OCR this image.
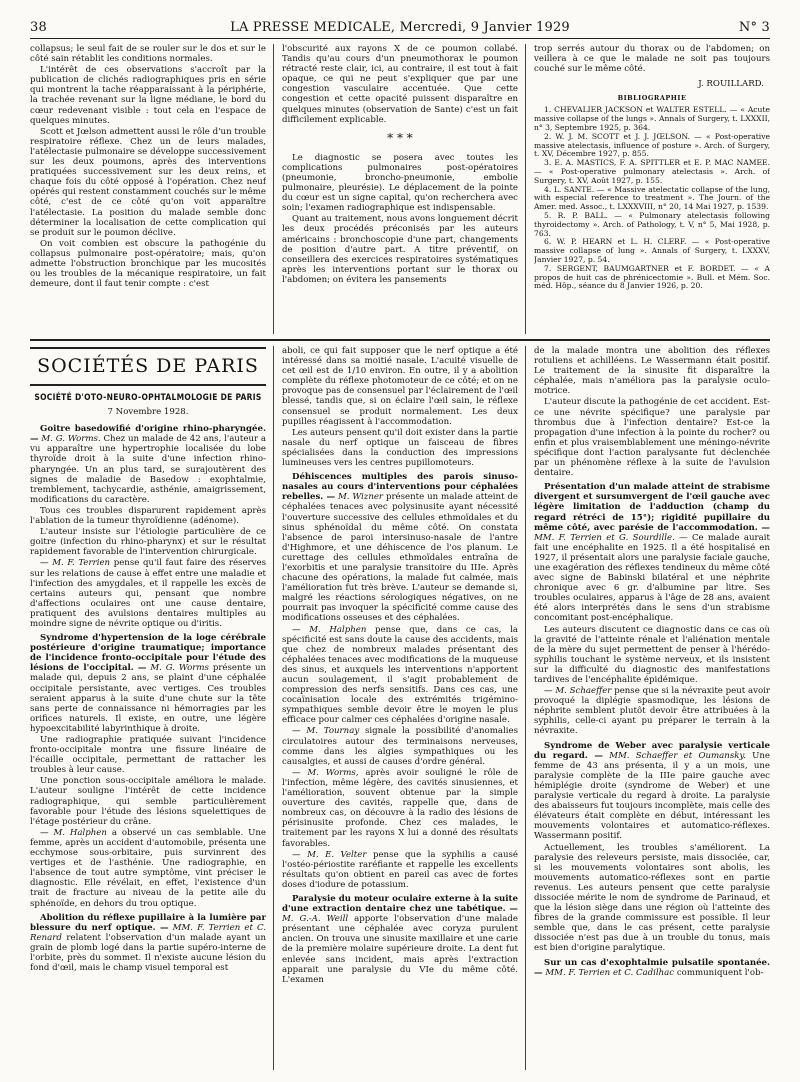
38	LA PRESSE MEDICALE, Mercredi, 9 Janvier 1929	N° 3

collapsus; le seul fait de se rouler sur le dos et sur le côté sain rétablit les conditions normales.

L'intérêt de ces observations s'accroît par la publication de clichés radiographiques pris en série qui montrent la tache réapparaissant à la périphérie, la trachée revenant sur la ligne médiane, le bord du cœur redevenant visible : tout cela en l'espace de quelques minutes.

Scott et Jœlson admettent aussi le rôle d'un trouble respiratoire réflexe. Chez un de leurs malades, l'atélectasie pulmonaire se développe successivement sur les deux poumons, après des interventions pratiquées successivement sur les deux reins, et chaque fois du côté opposé à l'opération. Chez neuf opérés qui restent constamment couchés sur le même côté, c'est de ce côté qu'on voit apparaître l'atélectasie. La position du malade semble donc déterminer la localisation de cette complication qui se produit sur le poumon déclive.

On voit combien est obscure la pathogénie du collapsus pulmonaire post-opératoire; mais, qu'on admette l'obstruction bronchique par les mucosités ou les troubles de la mécanique respiratoire, un fait demeure, dont il faut tenir compte : c'est

l'obscurité aux rayons X de ce poumon collabé. Tandis qu'au cours d'un pneumothorax le poumon rétracté reste clair, ici, au contraire, il est tout à fait opaque, ce qui ne peut s'expliquer que par une congestion vasculaire accentuée. Que cette congestion et cette opacité puissent disparaître en quelques minutes (observation de Sante) c'est un fait difficilement explicable.

* * *

Le diagnostic se posera avec toutes les complications pulmonaires post-opératoires (pneumonie, broncho-pneumonie, embolie pulmonaire, pleurésie). Le déplacement de la pointe du cœur est un signe capital, qu'on recherchera avec soin; l'examen radiographique est indispensable.

Quant au traitement, nous avons longuement décrit les deux procédés préconisés par les auteurs américains : bronchoscopie d'une part, changements de position d'autre part. A titre préventif, on conseillera des exercices respiratoires systématiques après les interventions portant sur le thorax ou l'abdomen; on évitera les pansements

trop serrés autour du thorax ou de l'abdomen; on veillera à ce que le malade ne soit pas toujours couché sur le même côté.

J. ROUILLARD.

BIBLIOGRAPHIE

1. CHEVALIER JACKSON et WALTER ESTELL. — « Acute massive collapse of the lungs ». Annals of Surgery, t. LXXXII, n° 3, Septembre 1925, p. 364.

2. W. J. M. SCOTT et J. J. JŒLSON. — « Post-operative massive atelectasis, influence of posture ». Arch. of Surgery, t. XV, Décembre 1927, p. 855.

3. E. A. MASTICS, F. A. SPITTLER et E. P. MAC NAMEE. — « Post-operative pulmonary atelectasis ». Arch. of Surgery, t. XV, Août 1927, p. 155.

4. L. SANTE. — « Massive atelectatic collapse of the lung, with especial reference to treatment ». The Journ. of the Amer. med. Assoc., t. LXXXVIII, n° 20, 14 Mai 1927, p. 1539.

5. R. P. BALL. — « Pulmonary atelectasis following thyroidectomy ». Arch. of Pathology, t. V, n° 5, Mai 1928, p. 763.

6. W. P. HEARN et L. H. CLERF. — « Post-operative massive collapse of lung ». Annals of Surgery, t. LXXXV, Janvier 1927, p. 54.

7. SERGENT, BAUMGARTNER et F. BORDET. — « A propos de huit cas de phrénicectomie ». Bull. et Mém. Soc. méd. Hôp., séance du 8 Janvier 1926, p. 20.

SOCIÉTÉS DE PARIS
SOCIÉTÉ D'OTO-NEURO-OPHTALMOLOGIE DE PARIS
7 Novembre 1928.

Goitre basedowifié d'origine rhino-pharyngée. — M. G. Worms. Chez un malade de 42 ans, l'auteur a vu apparaître une hypertrophie localisée du lobe thyroïde droit à la suite d'une infection rhino-pharyngée. Un an plus tard, se surajoutèrent des signes de maladie de Basedow : exophtalmie, tremblement, tachycardie, asthénie, amaigrissement, modifications du caractère.

Tous ces troubles disparurent rapidement après l'ablation de la tumeur thyroïdienne (adénome).

L'auteur insiste sur l'étiologie particulière de ce goitre (infection du rhino-pharynx) et sur le résultat rapidement favorable de l'intervention chirurgicale.

— M. F. Terrien pense qu'il faut faire des réserves sur les relations de cause à effet entre une maladie et l'infection des amygdales, et il rappelle les excès de certains auteurs qui, pensant que nombre d'affections oculaires ont une cause dentaire, pratiquent des avulsions dentaires multiples au moindre signe de névrite optique ou d'iritis.

Syndrome d'hypertension de la loge cérébrale postérieure d'origine traumatique; importance de l'incidence fronto-occipitale pour l'étude des lésions de l'occipital. — M. G. Worms présente un malade qui, depuis 2 ans, se plaint d'une céphalée occipitale persistante, avec vertiges. Ces troubles seraient apparus à la suite d'une chute sur la tête sans perte de connaissance ni hémorragies par les orifices naturels. Il existe, en outre, une légère hypoexcitabilité labyrinthique à droite.

Une radiographie pratiquée suivant l'incidence fronto-occipitale montra une fissure linéaire de l'écaille occipitale, permettant de rattacher les troubles à leur cause.

Une ponction sous-occipitale améliora le malade. L'auteur souligne l'intérêt de cette incidence radiographique, qui semble particulièrement favorable pour l'étude des lésions squelettiques de l'étage postérieur du crâne.

— M. Halphen a observé un cas semblable. Une femme, après un accident d'automobile, présenta une ecchymose sous-orbitaire, puis survinrent des vertiges et de l'asthénie. Une radiographie, en l'absence de tout autre symptôme, vint préciser le diagnostic. Elle révélait, en effet, l'existence d'un trait de fracture au niveau de la petite aile du sphénoïde, en dehors du trou optique.

Abolition du réflexe pupillaire à la lumière par blessure du nerf optique. — MM. F. Terrien et C. Renard relatent l'observation d'un malade ayant un grain de plomb logé dans la partie supéro-interne de l'orbite, près du sommet. Il n'existe aucune lésion du fond d'œil, mais le champ visuel temporal est

aboli, ce qui fait supposer que le nerf optique a été intéressé dans sa moitié nasale. L'acuité visuelle de cet œil est de 1/10 environ. En outre, il y a abolition complète du réflexe photomoteur de ce côté; et on ne provoque pas de consensuel par l'éclairement de l'œil blessé, tandis que, si on éclaire l'œil sain, le réflexe consensuel se produit normalement. Les deux pupilles réagissent à l'accommodation.

Les auteurs pensent qu'il doit exister dans la partie nasale du nerf optique un faisceau de fibres spécialisées dans la conduction des impressions lumineuses vers les centres pupillomoteurs.

Déhiscences multiples des parois sinuso-nasales au cours d'interventions pour céphalées rebelles. — M. Wizner présente un malade atteint de céphalées tenaces avec polysinusite ayant nécessité l'ouverture successive des cellules ethmoïdales et du sinus sphénoïdal du même côté. On constata l'absence de paroi intersinuso-nasale de l'antre d'Highmore, et une déhiscence de l'os planum. Le curettage des cellules ethmoïdales entraîna de l'exorbitis et une paralysie transitoire du IIIe. Après chacune des opérations, la malade fut calmée, mais l'amélioration fut très brève. L'auteur se demande si, malgré les réactions sérologiques négatives, on ne pourrait pas invoquer la spécificité comme cause des modifications osseuses et des céphalées.

— M. Halphen pense que, dans ce cas, la spécificité est sans doute la cause des accidents, mais que chez de nombreux malades présentant des céphalées tenaces avec modifications de la muqueuse des sinus, et auxquels les interventions n'apportent aucun soulagement, il s'agit probablement de compression des nerfs sensitifs. Dans ces cas, une cocaïnisation locale des extrémités trigémino-sympathiques semble devoir être le moyen le plus efficace pour calmer ces céphalées d'origine nasale.

— M. Tournay signale la possibilité d'anomalies circulatoires autour des terminaisons nerveuses, comme dans les algies sympathiques ou les causalgies, et aussi de causes d'ordre général.

— M. Worms, après avoir souligné le rôle de l'infection, même légère, des cavités sinusiennes, et l'amélioration, souvent obtenue par la simple ouverture des cavités, rappelle que, dans de nombreux cas, on découvre à la radio des lésions de périsinusite profonde. Chez ces malades, le traitement par les rayons X lui a donné des résultats favorables.

— M. E. Velter pense que la syphilis a causé l'ostéo-périostite raréfiante et rappelle les excellents résultats qu'on obtient en pareil cas avec de fortes doses d'iodure de potassium.

Paralysie du moteur oculaire externe à la suite d'une extraction dentaire chez une tabétique. — M. G.-A. Weill apporte l'observation d'une malade présentant une céphalée avec coryza purulent ancien. On trouva une sinusite maxillaire et une carie de la première molaire supérieure droite. La dent fut enlevée sans incident, mais après l'extraction apparait une paralysie du VIe du même côté. L'examen

de la malade montra une abolition des réflexes rotuliens et achilléens. Le Wassermann était positif. Le traitement de la sinusite fit disparaître la céphalée, mais n'améliora pas la paralysie oculo-motrice.

L'auteur discute la pathogénie de cet accident. Est-ce une névrite spécifique? une paralysie par thrombus due à l'infection dentaire? Est-ce la propagation d'une infection à la pointe du rocher? ou enfin et plus vraisemblablement une méningo-névrite spécifique dont l'action paralysante fut déclenchée par un phénomène réflexe à la suite de l'avulsion dentaire.

Présentation d'un malade atteint de strabisme divergent et sursumvergent de l'œil gauche avec légère limitation de l'adduction (champ du regard rétréci de 15°); rigidité pupillaire du même côté, avec parésie de l'accommodation. — MM. F. Terrien et G. Sourdille. — Ce malade aurait fait une encéphalite en 1925. Il a été hospitalisé en 1927, il présentait alors une paralysie faciale gauche, une exagération des réflexes tendineux du même côté avec signe de Babinski bilatéral et une néphrite chronique avec 6 gr. d'albumine par litre. Ses troubles oculaires, apparus à l'âge de 28 ans, avaient été alors interprétés dans le sens d'un strabisme concomitant post-encéphalique.

Les auteurs discutent ce diagnostic dans ce cas où la gravité de l'atteinte rénale et l'aliénation mentale de la mère du sujet permettent de penser à l'hérédo-syphilis touchant le système nerveux, et ils insistent sur la difficulté du diagnostic des manifestations tardives de l'encéphalite épidémique.

— M. Schaeffer pense que si la névraxite peut avoir provoqué la diplégie spasmodique, les lésions de néphrite semblent plutôt devoir être attribuées à la syphilis, celle-ci ayant pu préparer le terrain à la névraxite.

Syndrome de Weber avec paralysie verticale du regard. — MM. Schaeffer et Oumansky. Une femme de 43 ans présenta, il y a un mois, une paralysie complète de la IIIe paire gauche avec hémiplégie droite (syndrome de Weber) et une paralysie verticale du regard à droite. La paralysie des abaisseurs fut toujours incomplète, mais celle des élévateurs était complète en début, intéressant les mouvements volontaires et automatico-réflexes. Wassermann positif.

Actuellement, les troubles s'améliorent. La paralysie des releveurs persiste, mais dissociée, car, si les mouvements volontaires sont abolis, les mouvements automatico-réflexes sont en partie revenus. Les auteurs pensent que cette paralysie dissociée mérite le nom de syndrome de Parinaud, et que la lésion siège dans une région où l'atteinte des fibres de la grande commissure est possible. Il leur semble que, dans le cas présent, cette paralysie dissociée n'est pas due à un trouble du tonus, mais est bien d'origine paralytique.

Sur un cas d'exophtalmie pulsatile spontanée. — MM. F. Terrien et C. Cadilhac communiquent l'ob-
